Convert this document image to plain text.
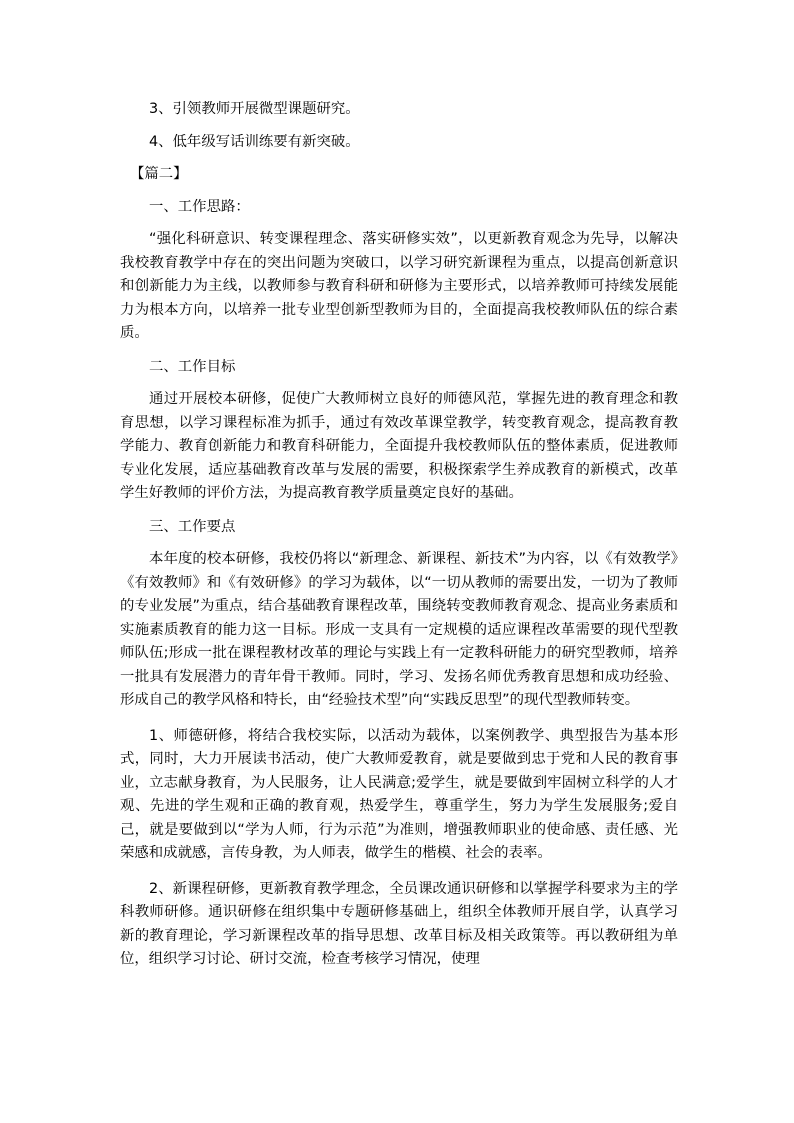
3、引领教师开展微型课题研究。

4、低年级写话训练要有新突破。

【篇二】

一、工作思路：

“强化科研意识、转变课程理念、落实研修实效”，以更新教育观念为先导，以解决我校教育教学中存在的突出问题为突破口，以学习研究新课程为重点，以提高创新意识和创新能力为主线，以教师参与教育科研和研修为主要形式，以培养教师可持续发展能力为根本方向，以培养一批专业型创新型教师为目的，全面提高我校教师队伍的综合素质。

二、工作目标

通过开展校本研修，促使广大教师树立良好的师德风范，掌握先进的教育理念和教育思想，以学习课程标准为抓手，通过有效改革课堂教学，转变教育观念，提高教育教学能力、教育创新能力和教育科研能力，全面提升我校教师队伍的整体素质，促进教师专业化发展，适应基础教育改革与发展的需要，积极探索学生养成教育的新模式，改革学生好教师的评价方法，为提高教育教学质量奠定良好的基础。

三、工作要点

本年度的校本研修，我校仍将以“新理念、新课程、新技术”为内容，以《有效教学》《有效教师》和《有效研修》的学习为载体，以“一切从教师的需要出发，一切为了教师的专业发展”为重点，结合基础教育课程改革，围绕转变教师教育观念、提高业务素质和实施素质教育的能力这一目标。形成一支具有一定规模的适应课程改革需要的现代型教师队伍;形成一批在课程教材改革的理论与实践上有一定教科研能力的研究型教师，培养一批具有发展潜力的青年骨干教师。同时，学习、发扬名师优秀教育思想和成功经验、形成自己的教学风格和特长，由“经验技术型”向“实践反思型”的现代型教师转变。

1、师德研修，将结合我校实际，以活动为载体，以案例教学、典型报告为基本形式，同时，大力开展读书活动，使广大教师爱教育，就是要做到忠于党和人民的教育事业，立志献身教育，为人民服务，让人民满意;爱学生，就是要做到牢固树立科学的人才观、先进的学生观和正确的教育观，热爱学生，尊重学生，努力为学生发展服务;爱自己，就是要做到以“学为人师，行为示范”为准则，增强教师职业的使命感、责任感、光荣感和成就感，言传身教，为人师表，做学生的楷模、社会的表率。

2、新课程研修，更新教育教学理念，全员课改通识研修和以掌握学科要求为主的学科教师研修。通识研修在组织集中专题研修基础上，组织全体教师开展自学，认真学习新的教育理论，学习新课程改革的指导思想、改革目标及相关政策等。再以教研组为单位，组织学习讨论、研讨交流，检查考核学习情况，使理
